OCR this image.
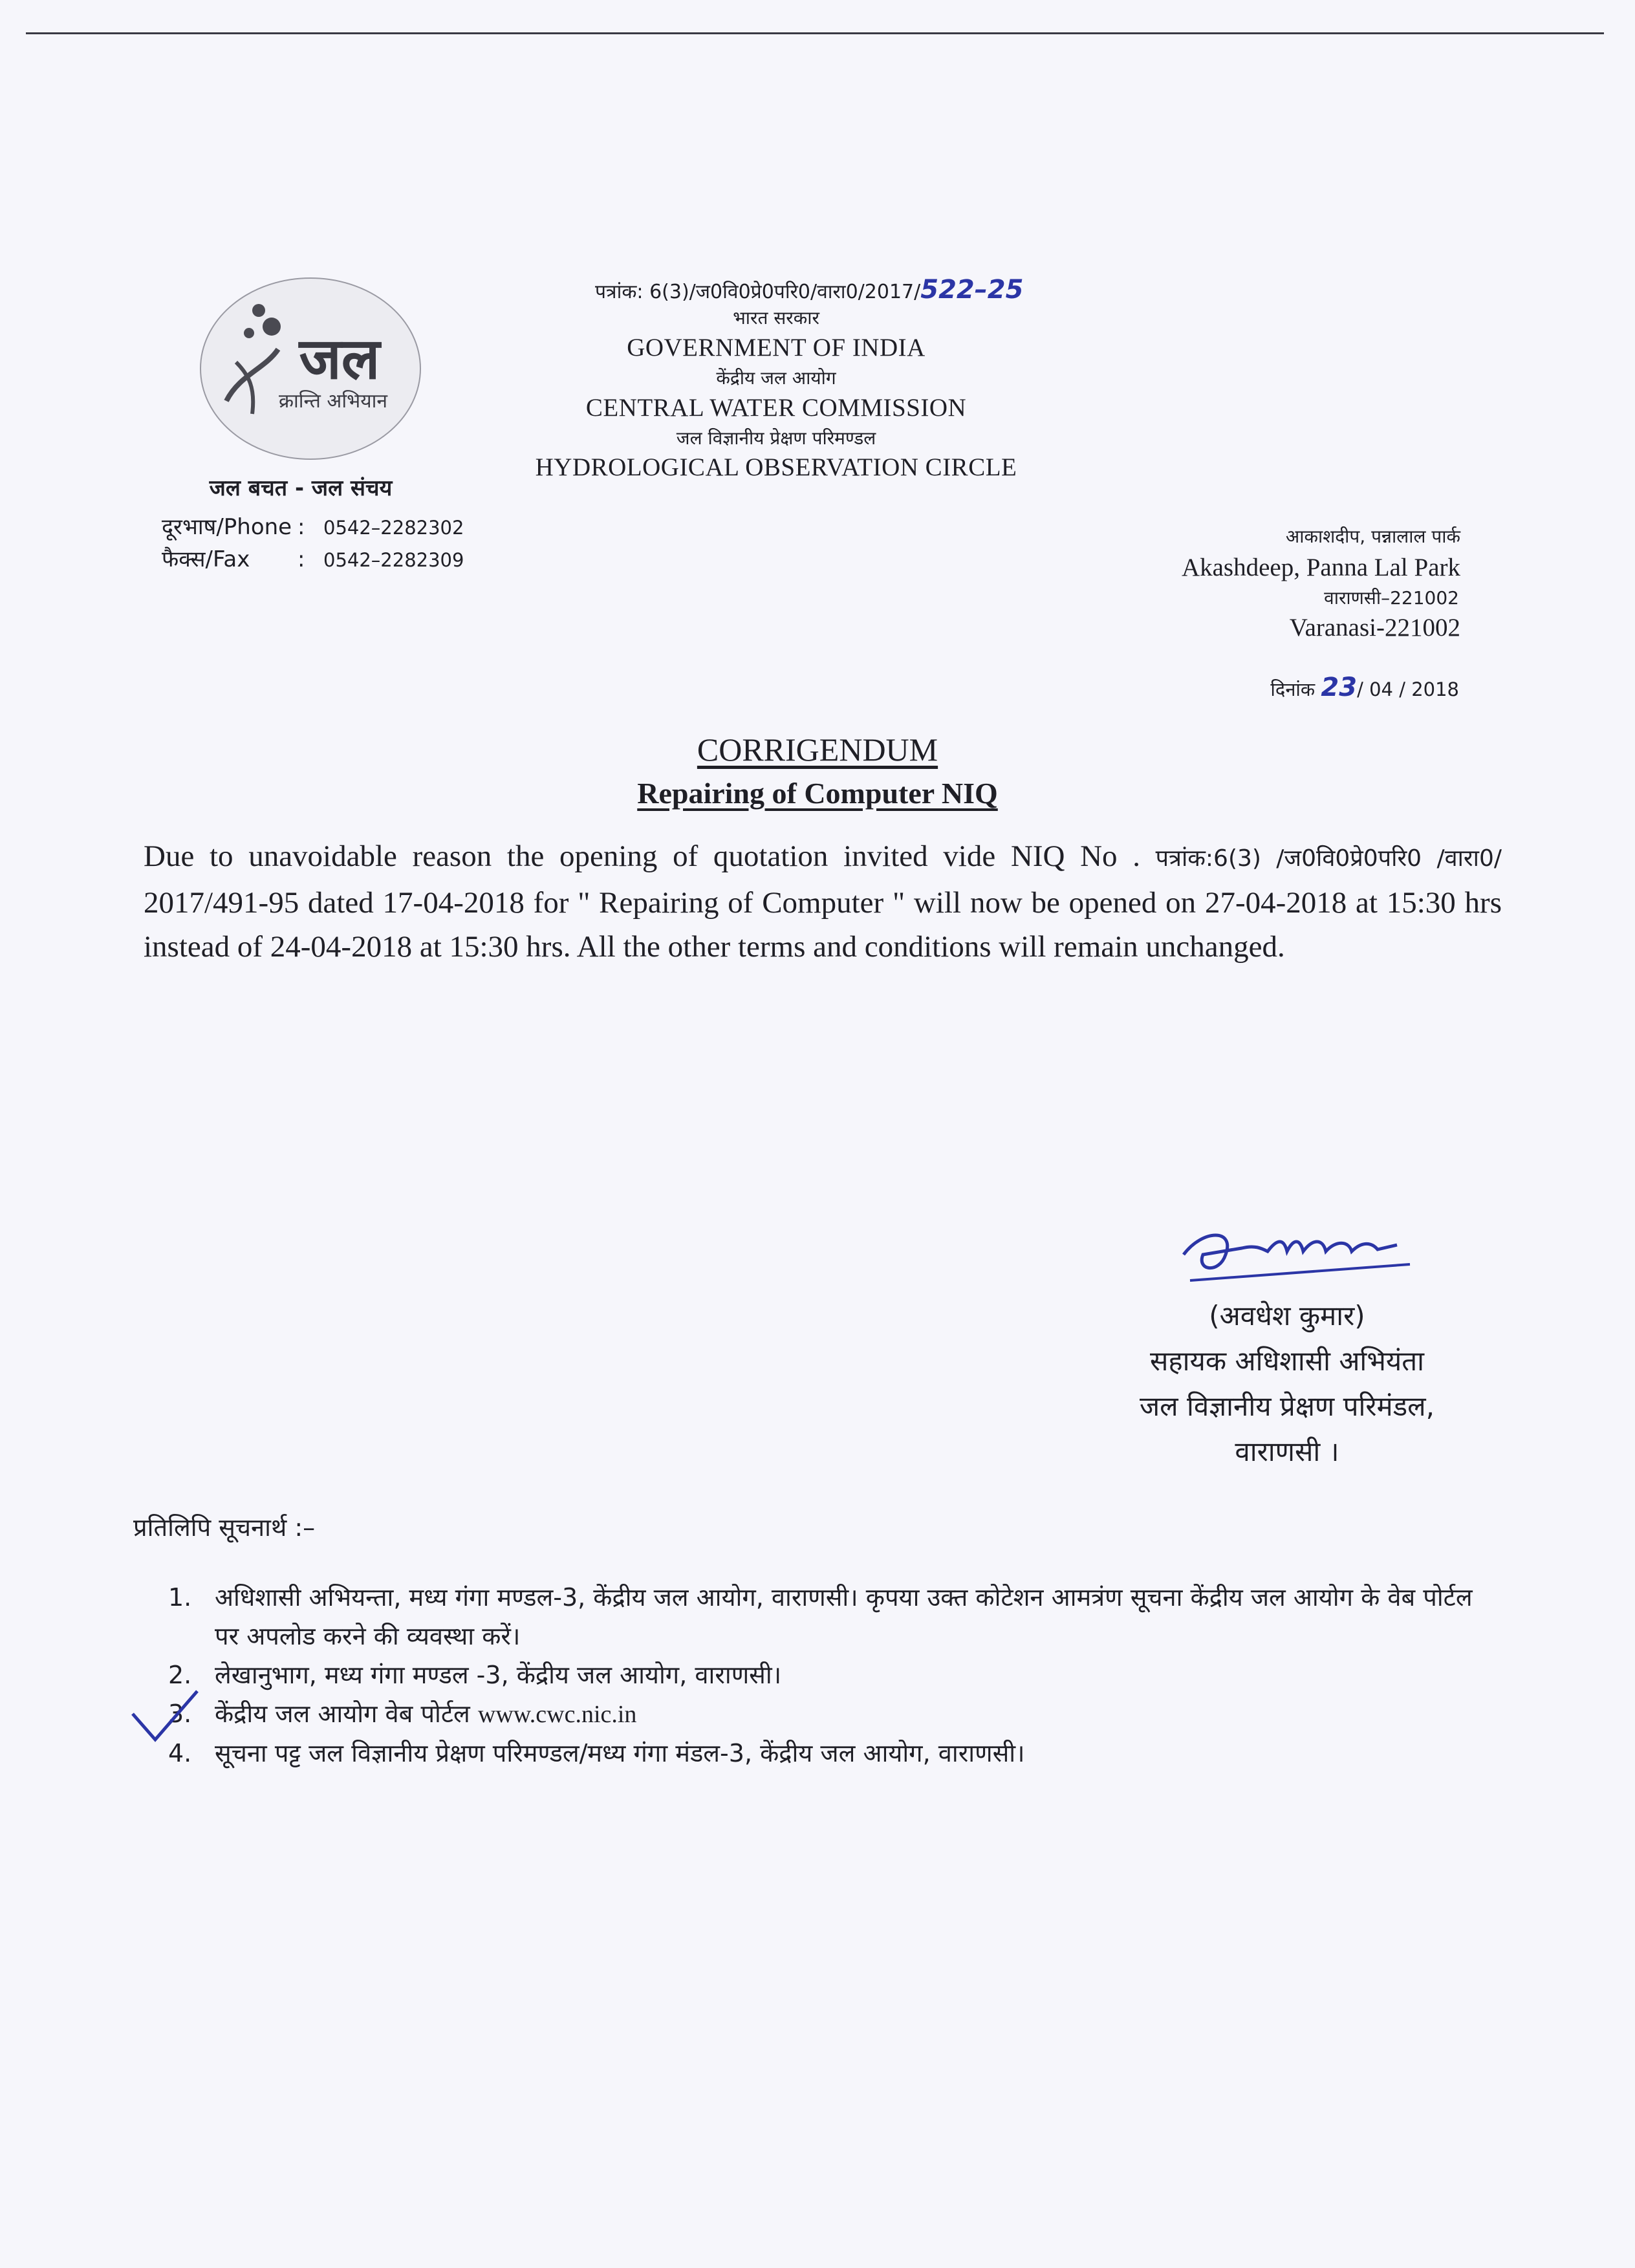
जल
क्रान्ति अभियान
जल बचत - जल संचय
दूरभाष/Phone : 0542–2282302
फैक्स/Fax : 0542–2282309
पत्रांक: 6(3)/ज0वि0प्रे0परि0/वारा0/2017/522–25
भारत सरकार
GOVERNMENT OF INDIA
केंद्रीय जल आयोग
CENTRAL WATER COMMISSION
जल विज्ञानीय प्रेक्षण परिमण्डल
HYDROLOGICAL OBSERVATION CIRCLE
आकाशदीप, पन्नालाल पार्क
Akashdeep, Panna Lal Park
वाराणसी–221002
Varanasi-221002
दिनांक 23/ 04 / 2018
CORRIGENDUM
Repairing of Computer NIQ
Due to unavoidable reason the opening of quotation invited vide NIQ No . पत्रांक:6(3) /ज0वि0प्रे0परि0 /वारा0/ 2017/491-95 dated 17-04-2018 for " Repairing of Computer " will now be opened on 27-04-2018 at 15:30 hrs instead of 24-04-2018 at 15:30 hrs. All the other terms and conditions will remain unchanged.
(अवधेश कुमार)
सहायक अधिशासी अभियंता
जल विज्ञानीय प्रेक्षण परिमंडल,
वाराणसी ।
प्रतिलिपि सूचनार्थ :–
1. अधिशासी अभियन्ता, मध्य गंगा मण्डल-3, केंद्रीय जल आयोग, वाराणसी। कृपया उक्त कोटेशन आमत्रंण सूचना केंद्रीय जल आयोग के वेब पोर्टल पर अपलोड करने की व्यवस्था करें।
2. लेखानुभाग, मध्य गंगा मण्डल -3, केंद्रीय जल आयोग, वाराणसी।
3. केंद्रीय जल आयोग वेब पोर्टल www.cwc.nic.in
4. सूचना पट्ट जल विज्ञानीय प्रेक्षण परिमण्डल/मध्य गंगा मंडल-3, केंद्रीय जल आयोग, वाराणसी।
